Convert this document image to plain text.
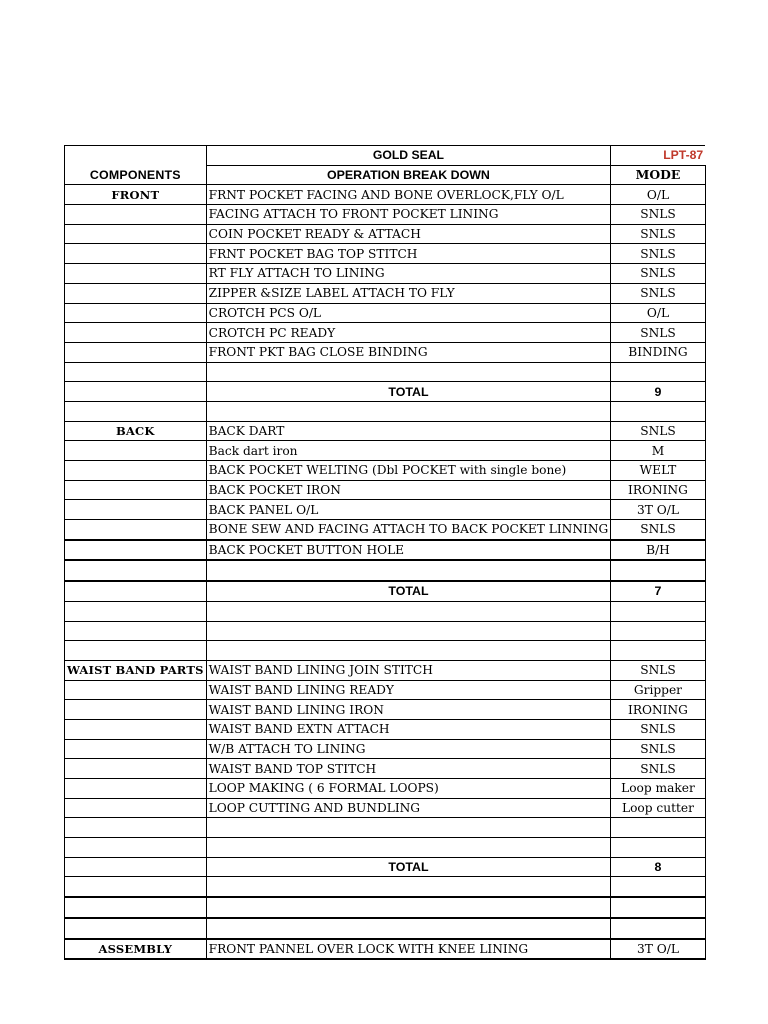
	GOLD SEAL	LPT-87
COMPONENTS	OPERATION BREAK DOWN	MODE
FRONT	FRNT POCKET FACING AND BONE OVERLOCK,FLY O/L	O/L
	FACING ATTACH TO FRONT POCKET LINING	SNLS
	COIN POCKET READY & ATTACH	SNLS
	FRNT POCKET BAG TOP STITCH	SNLS
	RT FLY ATTACH TO LINING	SNLS
	ZIPPER &SIZE LABEL ATTACH TO FLY	SNLS
	CROTCH PCS O/L	O/L
	CROTCH PC READY	SNLS
	FRONT PKT BAG CLOSE BINDING	BINDING

	TOTAL	9

BACK	BACK DART	SNLS
	Back dart iron	M
	BACK POCKET WELTING (Dbl POCKET with single bone)	WELT
	BACK POCKET IRON	IRONING
	BACK PANEL O/L	3T O/L
	BONE SEW AND FACING ATTACH TO BACK POCKET LINNING	SNLS
	BACK POCKET BUTTON HOLE	B/H

	TOTAL	7

WAIST BAND PARTS	WAIST BAND LINING JOIN STITCH	SNLS
	WAIST BAND LINING READY	Gripper
	WAIST BAND LINING IRON	IRONING
	WAIST BAND EXTN ATTACH	SNLS
	W/B ATTACH TO LINING	SNLS
	WAIST BAND TOP STITCH	SNLS
	LOOP MAKING ( 6 FORMAL LOOPS)	Loop maker
	LOOP CUTTING AND BUNDLING	Loop cutter

	TOTAL	8

ASSEMBLY	FRONT PANNEL OVER LOCK WITH KNEE LINING	3T O/L
